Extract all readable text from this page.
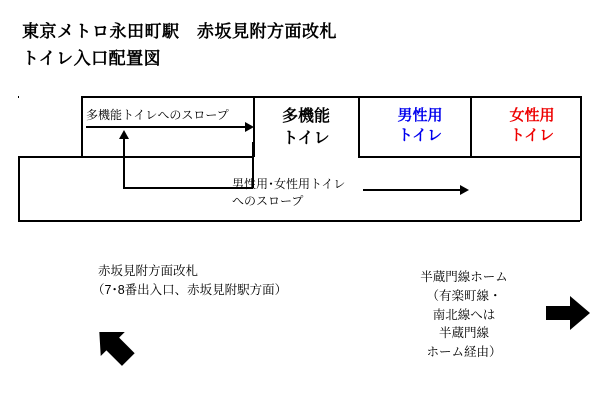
東京メトロ永田町駅　赤坂見附方面改札
トイレ入口配置図
多機能
トイレ
男性用
トイレ
女性用
トイレ
多機能トイレへのスロープ
男性用･女性用トイレ
へのスロープ
赤坂見附方面改札
（7･8番出入口、赤坂見附駅方面）
半蔵門線ホーム
（有楽町線・
南北線へは
半蔵門線
ホーム経由）
